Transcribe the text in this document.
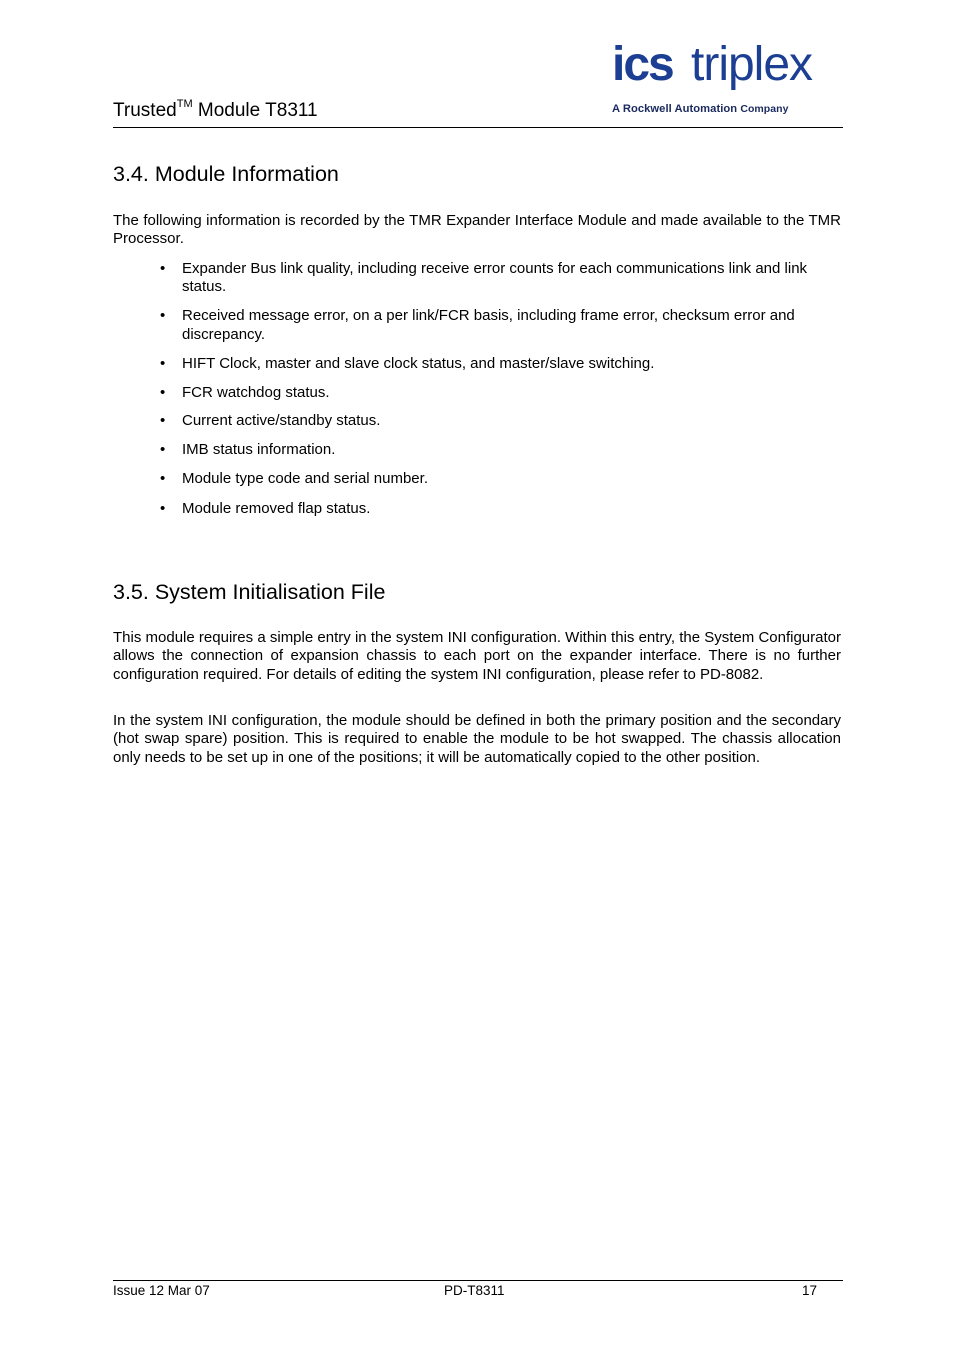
Trusted™ Module T8311
ics triplex
A Rockwell Automation Company
3.4. Module Information

The following information is recorded by the TMR Expander Interface Module and made available to the TMR Processor.

• Expander Bus link quality, including receive error counts for each communications link and link status.
• Received message error, on a per link/FCR basis, including frame error, checksum error and discrepancy.
• HIFT Clock, master and slave clock status, and master/slave switching.
• FCR watchdog status.
• Current active/standby status.
• IMB status information.
• Module type code and serial number.
• Module removed flap status.
3.5. System Initialisation File

This module requires a simple entry in the system INI configuration. Within this entry, the System Configurator allows the connection of expansion chassis to each port on the expander interface. There is no further configuration required. For details of editing the system INI configuration, please refer to PD-8082.

In the system INI configuration, the module should be defined in both the primary position and the secondary (hot swap spare) position. This is required to enable the module to be hot swapped. The chassis allocation only needs to be set up in one of the positions; it will be automatically copied to the other position.

Issue 12 Mar 07	PD-T8311	17
